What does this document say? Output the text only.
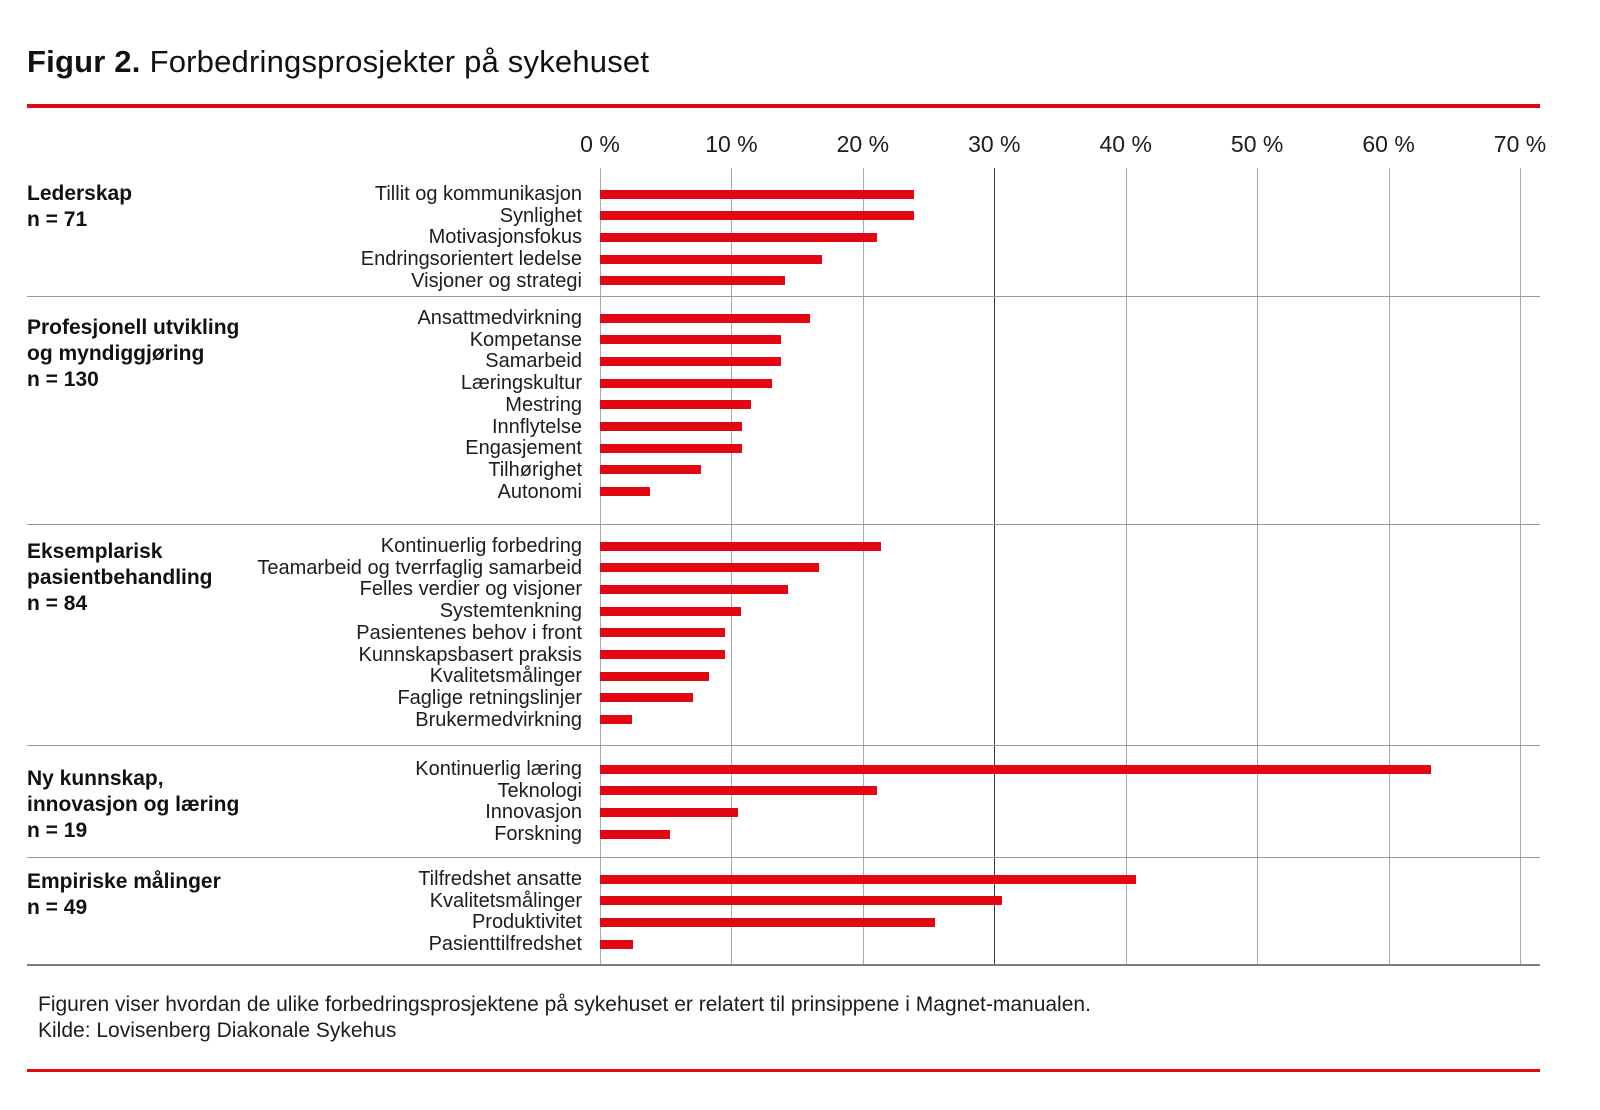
Figur 2. Forbedringsprosjekter på sykehuset
0 %	10 %	20 %	30 %	40 %	50 %	60 %	70 %
Lederskap
n = 71
Tillit og kommunikasjon
Synlighet
Motivasjonsfokus
Endringsorientert ledelse
Visjoner og strategi
Profesjonell utvikling
og myndiggjøring
n = 130
Ansattmedvirkning
Kompetanse
Samarbeid
Læringskultur
Mestring
Innflytelse
Engasjement
Tilhørighet
Autonomi
Eksemplarisk
pasientbehandling
n = 84
Kontinuerlig forbedring
Teamarbeid og tverrfaglig samarbeid
Felles verdier og visjoner
Systemtenkning
Pasientenes behov i front
Kunnskapsbasert praksis
Kvalitetsmålinger
Faglige retningslinjer
Brukermedvirkning
Ny kunnskap,
innovasjon og læring
n = 19
Kontinuerlig læring
Teknologi
Innovasjon
Forskning
Empiriske målinger
n = 49
Tilfredshet ansatte
Kvalitetsmålinger
Produktivitet
Pasienttilfredshet
Figuren viser hvordan de ulike forbedringsprosjektene på sykehuset er relatert til prinsippene i Magnet-manualen.
Kilde: Lovisenberg Diakonale Sykehus
